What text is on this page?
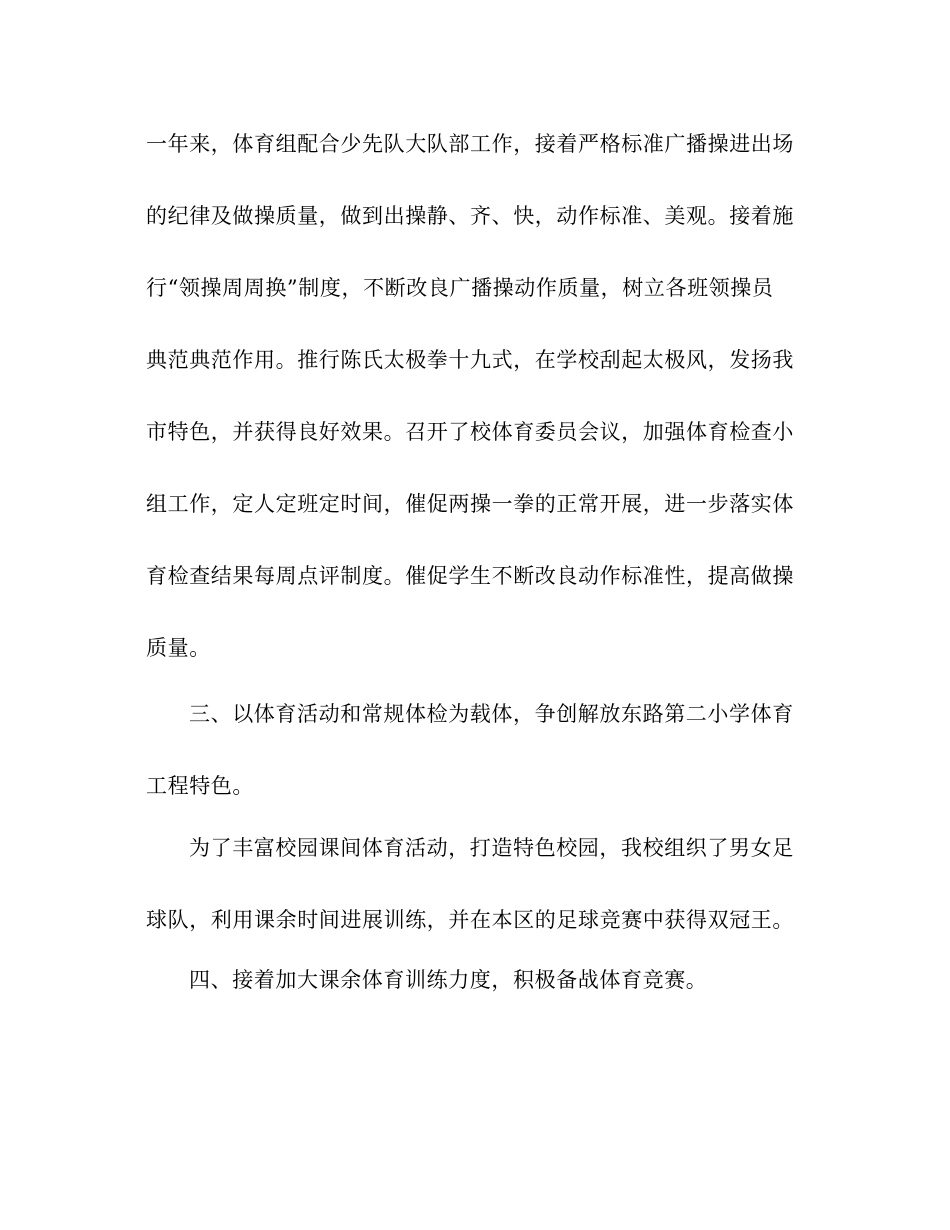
一年来，体育组配合少先队大队部工作，接着严格标准广播操进出场
的纪律及做操质量，做到出操静、齐、快，动作标准、美观。接着施
行“领操周周换”制度，不断改良广播操动作质量，树立各班领操员
典范典范作用。推行陈氏太极拳十九式，在学校刮起太极风，发扬我
市特色，并获得良好效果。召开了校体育委员会议，加强体育检查小
组工作，定人定班定时间，催促两操一拳的正常开展，进一步落实体
育检查结果每周点评制度。催促学生不断改良动作标准性，提高做操
质量。
三、以体育活动和常规体检为载体，争创解放东路第二小学体育
工程特色。
为了丰富校园课间体育活动，打造特色校园，我校组织了男女足
球队，利用课余时间进展训练，并在本区的足球竞赛中获得双冠王。
四、接着加大课余体育训练力度，积极备战体育竞赛。
